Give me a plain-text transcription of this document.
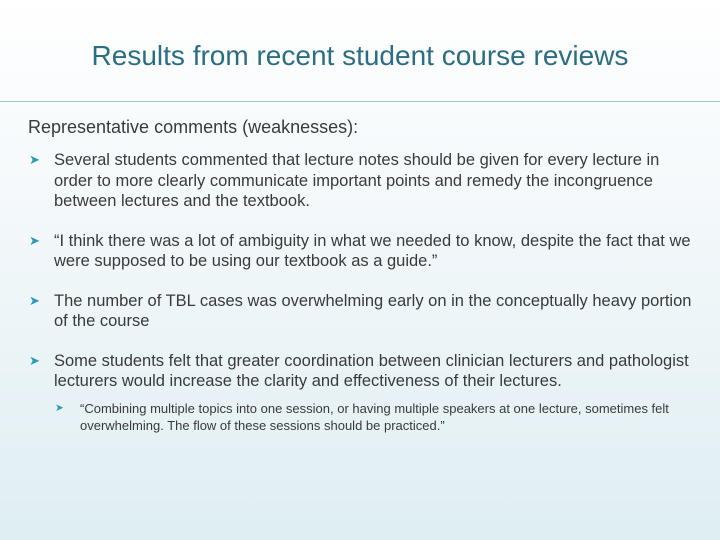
Results from recent student course reviews

Representative comments (weaknesses):

➤ Several students commented that lecture notes should be given for every lecture in order to more clearly communicate important points and remedy the incongruence between lectures and the textbook.
➤ “I think there was a lot of ambiguity in what we needed to know, despite the fact that we were supposed to be using our textbook as a guide.”
➤ The number of TBL cases was overwhelming early on in the conceptually heavy portion of the course
➤ Some students felt that greater coordination between clinician lecturers and pathologist lecturers would increase the clarity and effectiveness of their lectures.
➤ “Combining multiple topics into one session, or having multiple speakers at one lecture, sometimes felt overwhelming. The flow of these sessions should be practiced.”
